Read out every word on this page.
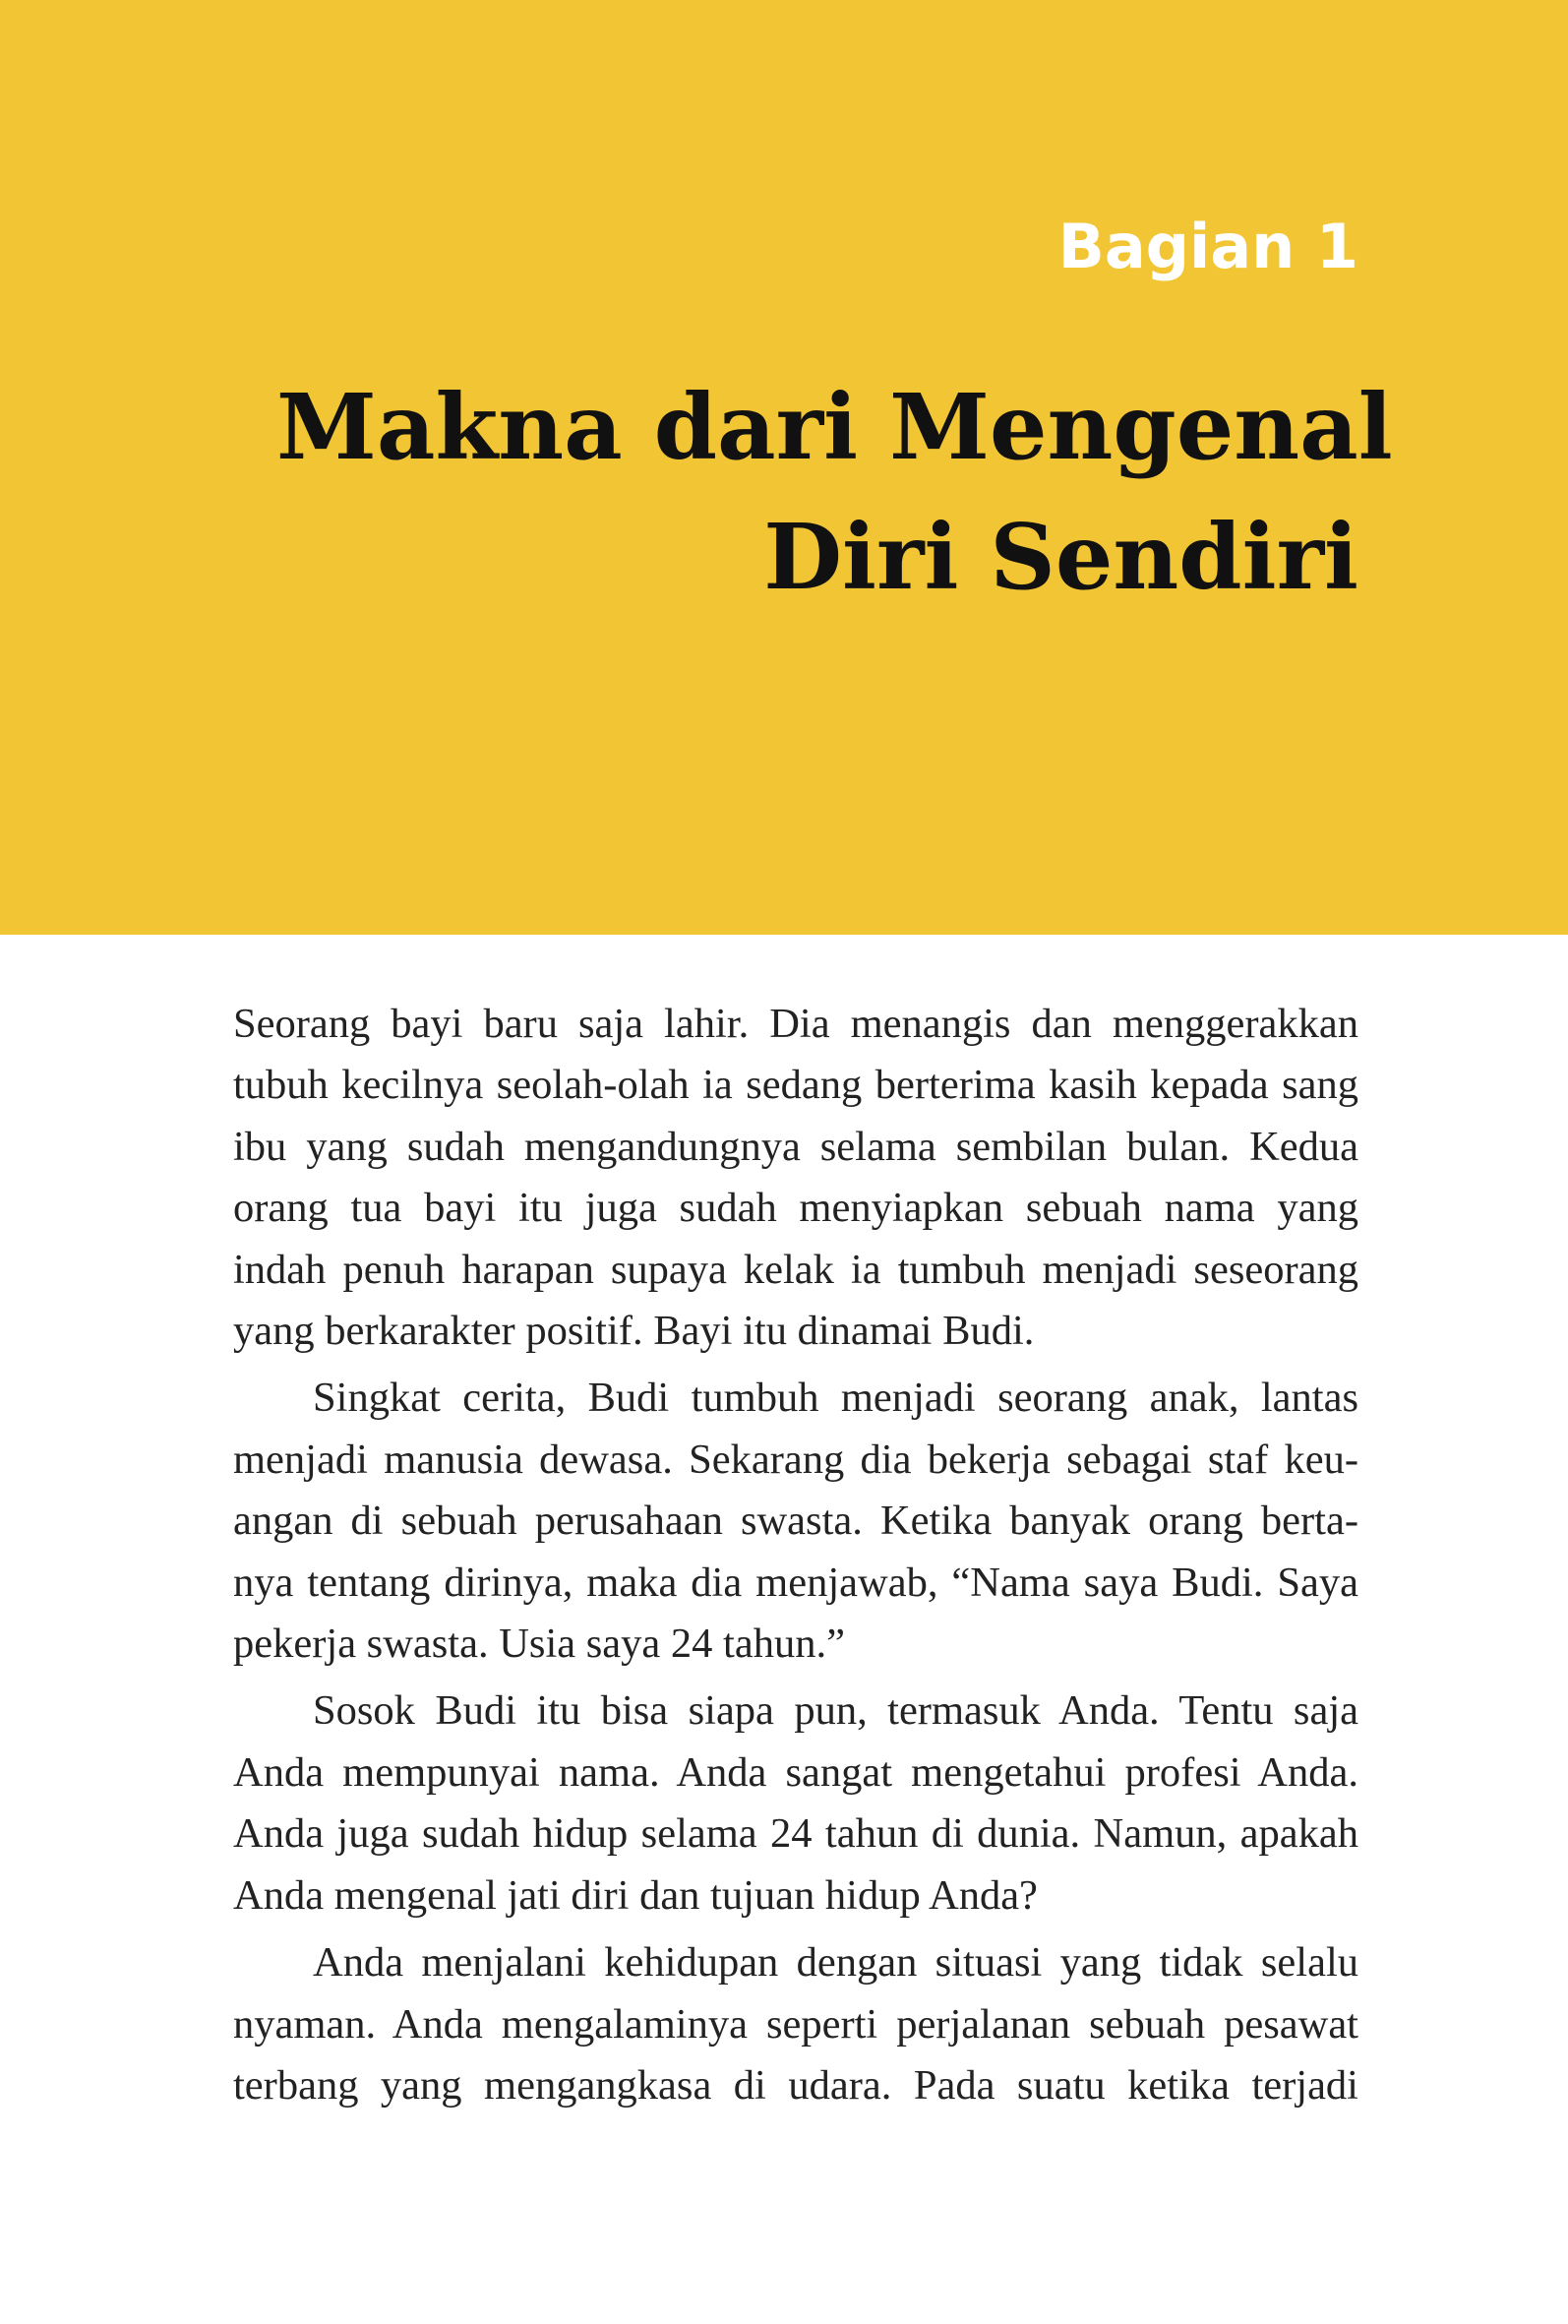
Bagian 1
Makna dari Mengenal
Diri Sendiri

Seorang bayi baru saja lahir. Dia menangis dan menggerakkan
tubuh kecilnya seolah-olah ia sedang berterima kasih kepada sang
ibu yang sudah mengandungnya selama sembilan bulan. Kedua
orang tua bayi itu juga sudah menyiapkan sebuah nama yang
indah penuh harapan supaya kelak ia tumbuh menjadi seseorang
yang berkarakter positif. Bayi itu dinamai Budi.

Singkat cerita, Budi tumbuh menjadi seorang anak, lantas
menjadi manusia dewasa. Sekarang dia bekerja sebagai staf keu-
angan di sebuah perusahaan swasta. Ketika banyak orang berta-
nya tentang dirinya, maka dia menjawab, “Nama saya Budi. Saya
pekerja swasta. Usia saya 24 tahun.”

Sosok Budi itu bisa siapa pun, termasuk Anda. Tentu saja
Anda mempunyai nama. Anda sangat mengetahui profesi Anda.
Anda juga sudah hidup selama 24 tahun di dunia. Namun, apakah
Anda mengenal jati diri dan tujuan hidup Anda?

Anda menjalani kehidupan dengan situasi yang tidak selalu
nyaman. Anda mengalaminya seperti perjalanan sebuah pesawat
terbang yang mengangkasa di udara. Pada suatu ketika terjadi
